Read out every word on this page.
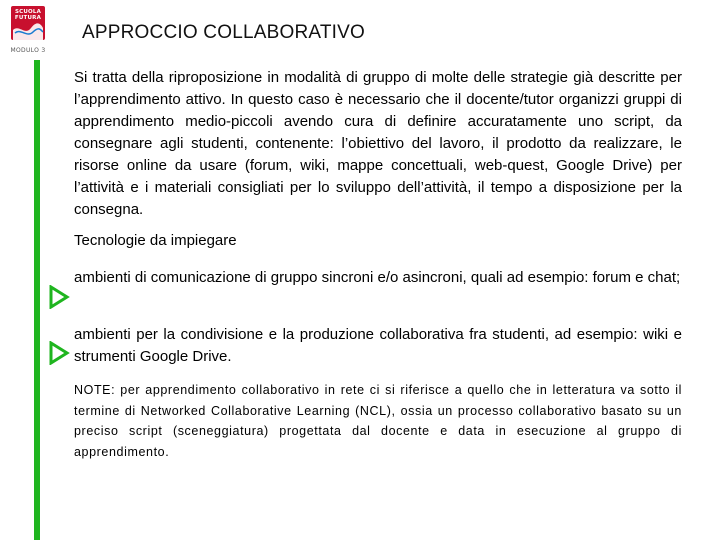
SCUOLA
FUTURA
MODULO 3
APPROCCIO COLLABORATIVO
Si tratta della riproposizione in modalità di gruppo di molte delle strategie già descritte per l’apprendimento attivo. In questo caso è necessario che il docente/tutor organizzi gruppi di apprendimento medio-piccoli avendo cura di definire accuratamente uno script, da consegnare agli studenti, contenente: l’obiettivo del lavoro, il prodotto da realizzare, le risorse online da usare (forum, wiki, mappe concettuali, web-quest, Google Drive) per l’attività e i materiali consigliati per lo sviluppo dell’attività, il tempo a disposizione per la consegna.
Tecnologie da impiegare
ambienti di comunicazione di gruppo sincroni e/o asincroni, quali ad esempio: forum e chat;
ambienti per la condivisione e la produzione collaborativa fra studenti, ad esempio: wiki e strumenti Google Drive.
NOTE: per apprendimento collaborativo in rete ci si riferisce a quello che in letteratura va sotto il termine di Networked Collaborative Learning (NCL), ossia un processo collaborativo basato su un preciso script (sceneggiatura) progettata dal docente e data in esecuzione al gruppo di apprendimento.
